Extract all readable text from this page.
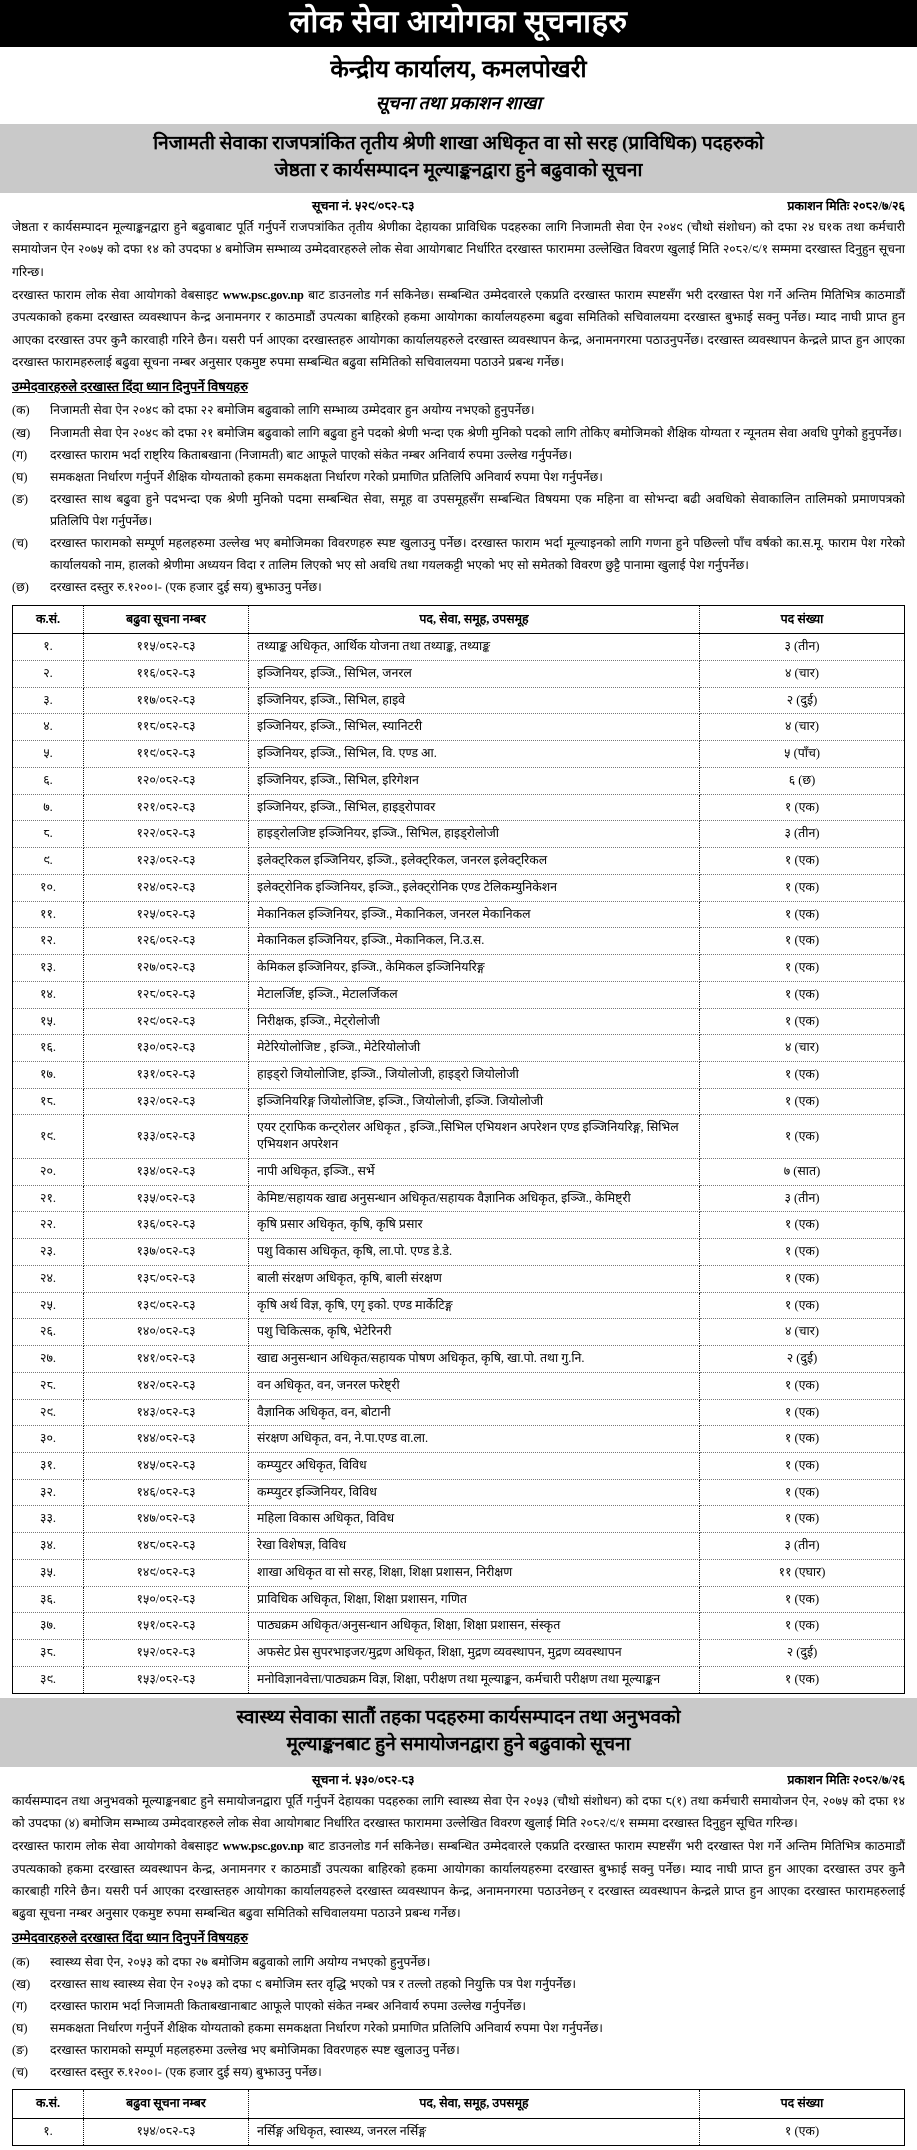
लोक सेवा आयोगका सूचनाहरु
केन्द्रीय कार्यालय, कमलपोखरी
सूचना तथा प्रकाशन शाखा
निजामती सेवाका राजपत्रांकित तृतीय श्रेणी शाखा अधिकृत वा सो सरह (प्राविधिक) पदहरुको
जेष्ठता र कार्यसम्पादन मूल्याङ्कनद्वारा हुने बढुवाको सूचना
सूचना नं. ५२९/०८२-८३	प्रकाशन मितिः २०८२/७/२६

जेष्ठता र कार्यसम्पादन मूल्याङ्कनद्वारा हुने बढुवाबाट पूर्ति गर्नुपर्ने राजपत्रांकित तृतीय श्रेणीका देहायका प्राविधिक पदहरुका लागि निजामती सेवा ऐन २०४९ (चौथो संशोधन) को दफा २४ घ१क तथा कर्मचारी समायोजन ऐन २०७५ को दफा १४ को उपदफा ४ बमोजिम सम्भाव्य उम्मेदवारहरुले लोक सेवा आयोगबाट निर्धारित दरखास्त फाराममा उल्लेखित विवरण खुलाई मिति २०८२/९/१ सम्ममा दरखास्त दिनुहुन सूचना गरिन्छ।

दरखास्त फाराम लोक सेवा आयोगको वेबसाइट www.psc.gov.np बाट डाउनलोड गर्न सकिनेछ। सम्बन्धित उम्मेदवारले एकप्रति दरखास्त फाराम स्पष्टसँग भरी दरखास्त पेश गर्ने अन्तिम मितिभित्र काठमाडौं उपत्यकाको हकमा दरखास्त व्यवस्थापन केन्द्र अनामनगर र काठमाडौं उपत्यका बाहिरको हकमा आयोगका कार्यालयहरुमा बढुवा समितिको सचिवालयमा दरखास्त बुझाई सक्नु पर्नेछ। म्याद नाघी प्राप्त हुन आएका दरखास्त उपर कुनै कारवाही गरिने छैन। यसरी पर्न आएका दरखास्तहरु आयोगका कार्यालयहरुले दरखास्त व्यवस्थापन केन्द्र, अनामनगरमा पठाउनुपर्नेछ। दरखास्त व्यवस्थापन केन्द्रले प्राप्त हुन आएका दरखास्त फारामहरुलाई बढुवा सूचना नम्बर अनुसार एकमुष्ट रुपमा सम्बन्धित बढुवा समितिको सचिवालयमा पठाउने प्रबन्ध गर्नेछ।

उम्मेदवारहरुले दरखास्त दिंदा ध्यान दिनुपर्ने विषयहरु
(क)	निजामती सेवा ऐन २०४९ को दफा २२ बमोजिम बढुवाको लागि सम्भाव्य उम्मेदवार हुन अयोग्य नभएको हुनुपर्नेछ।
(ख)	निजामती सेवा ऐन २०४९ को दफा २१ बमोजिम बढुवाको लागि बढुवा हुने पदको श्रेणी भन्दा एक श्रेणी मुनिको पदको लागि तोकिए बमोजिमको शैक्षिक योग्यता र न्यूनतम सेवा अवधि पुगेको हुनुपर्नेछ।
(ग)	दरखास्त फाराम भर्दा राष्ट्रिय किताबखाना (निजामती) बाट आफूले पाएको संकेत नम्बर अनिवार्य रुपमा उल्लेख गर्नुपर्नेछ।
(घ)	समकक्षता निर्धारण गर्नुपर्ने शैक्षिक योग्यताको हकमा समकक्षता निर्धारण गरेको प्रमाणित प्रतिलिपि अनिवार्य रुपमा पेश गर्नुपर्नेछ।
(ङ)	दरखास्त साथ बढुवा हुने पदभन्दा एक श्रेणी मुनिको पदमा सम्बन्धित सेवा, समूह वा उपसमूहसँग सम्बन्धित विषयमा एक महिना वा सोभन्दा बढी अवधिको सेवाकालिन तालिमको प्रमाणपत्रको प्रतिलिपि पेश गर्नुपर्नेछ।
(च)	दरखास्त फारामको सम्पूर्ण महलहरुमा उल्लेख भए बमोजिमका विवरणहरु स्पष्ट खुलाउनु पर्नेछ। दरखास्त फाराम भर्दा मूल्याइनको लागि गणना हुने पछिल्लो पाँच वर्षको का.स.मू. फाराम पेश गरेको कार्यालयको नाम, हालको श्रेणीमा अध्ययन विदा र तालिम लिएको भए सो अवधि तथा गयलकट्टी भएको भए सो समेतको विवरण छुट्टै पानामा खुलाई पेश गर्नुपर्नेछ।
(छ)	दरखास्त दस्तुर रु.१२००।- (एक हजार दुई सय) बुझाउनु पर्नेछ।
क.सं.	बढुवा सूचना नम्बर	पद, सेवा, समूह, उपसमूह	पद संख्या
१.	११५/०८२-८३	तथ्याङ्क अधिकृत, आर्थिक योजना तथा तथ्याङ्क, तथ्याङ्क	३ (तीन)
२.	११६/०८२-८३	इञ्जिनियर, इञ्जि., सिभिल, जनरल	४ (चार)
३.	११७/०८२-८३	इञ्जिनियर, इञ्जि., सिभिल, हाइवे	२ (दुई)
४.	११८/०८२-८३	इञ्जिनियर, इञ्जि., सिभिल, स्यानिटरी	४ (चार)
५.	११९/०८२-८३	इञ्जिनियर, इञ्जि., सिभिल, वि. एण्ड आ.	५ (पाँच)
६.	१२०/०८२-८३	इञ्जिनियर, इञ्जि., सिभिल, इरिगेशन	६ (छ)
७.	१२१/०८२-८३	इञ्जिनियर, इञ्जि., सिभिल, हाइड्रोपावर	१ (एक)
८.	१२२/०८२-८३	हाइड्रोलजिष्ट इञ्जिनियर, इञ्जि., सिभिल, हाइड्रोलोजी	३ (तीन)
९.	१२३/०८२-८३	इलेक्ट्रिकल इञ्जिनियर, इञ्जि., इलेक्ट्रिकल, जनरल इलेक्ट्रिकल	१ (एक)
१०.	१२४/०८२-८३	इलेक्ट्रोनिक इञ्जिनियर, इञ्जि., इलेक्ट्रोनिक एण्ड टेलिकम्युनिकेशन	१ (एक)
११.	१२५/०८२-८३	मेकानिकल इञ्जिनियर, इञ्जि., मेकानिकल, जनरल मेकानिकल	१ (एक)
१२.	१२६/०८२-८३	मेकानिकल इञ्जिनियर, इञ्जि., मेकानिकल, नि.उ.स.	१ (एक)
१३.	१२७/०८२-८३	केमिकल इञ्जिनियर, इञ्जि., केमिकल इञ्जिनियरिङ्ग	१ (एक)
१४.	१२८/०८२-८३	मेटालर्जिष्ट, इञ्जि., मेटालर्जिकल	१ (एक)
१५.	१२९/०८२-८३	निरीक्षक, इञ्जि., मेट्रोलोजी	१ (एक)
१६.	१३०/०८२-८३	मेटेरियोलोजिष्ट , इञ्जि., मेटेरियोलोजी	४ (चार)
१७.	१३१/०८२-८३	हाइड्रो जियोलोजिष्ट, इञ्जि., जियोलोजी, हाइड्रो जियोलोजी	१ (एक)
१८.	१३२/०८२-८३	इञ्जिनियरिङ्ग जियोलोजिष्ट, इञ्जि., जियोलोजी, इञ्जि. जियोलोजी	१ (एक)
१९.	१३३/०८२-८३	एयर ट्राफिक कन्ट्रोलर अधिकृत , इञ्जि.,सिभिल एभियशन अपरेशन एण्ड इञ्जिनियरिङ्ग, सिभिल एभियशन अपरेशन	१ (एक)
२०.	१३४/०८२-८३	नापी अधिकृत, इञ्जि., सर्भे	७ (सात)
२१.	१३५/०८२-८३	केमिष्ट/सहायक खाद्य अनुसन्धान अधिकृत/सहायक वैज्ञानिक अधिकृत, इञ्जि., केमिष्ट्री	३ (तीन)
२२.	१३६/०८२-८३	कृषि प्रसार अधिकृत, कृषि, कृषि प्रसार	१ (एक)
२३.	१३७/०८२-८३	पशु विकास अधिकृत, कृषि, ला.पो. एण्ड डे.डे.	१ (एक)
२४.	१३८/०८२-८३	बाली संरक्षण अधिकृत, कृषि, बाली संरक्षण	१ (एक)
२५.	१३९/०८२-८३	कृषि अर्थ विज्ञ, कृषि, एगृ इको. एण्ड मार्केटिङ्ग	१ (एक)
२६.	१४०/०८२-८३	पशु चिकित्सक, कृषि, भेटेरिनरी	४ (चार)
२७.	१४१/०८२-८३	खाद्य अनुसन्धान अधिकृत/सहायक पोषण अधिकृत, कृषि, खा.पो. तथा गु.नि.	२ (दुई)
२८.	१४२/०८२-८३	वन अधिकृत, वन, जनरल फरेष्ट्री	१ (एक)
२९.	१४३/०८२-८३	वैज्ञानिक अधिकृत, वन, बोटानी	१ (एक)
३०.	१४४/०८२-८३	संरक्षण अधिकृत, वन, ने.पा.एण्ड वा.ला.	१ (एक)
३१.	१४५/०८२-८३	कम्प्युटर अधिकृत, विविध	१ (एक)
३२.	१४६/०८२-८३	कम्प्युटर इञ्जिनियर, विविध	१ (एक)
३३.	१४७/०८२-८३	महिला विकास अधिकृत, विविध	१ (एक)
३४.	१४८/०८२-८३	रेखा विशेषज्ञ, विविध	३ (तीन)
३५.	१४९/०८२-८३	शाखा अधिकृत वा सो सरह, शिक्षा, शिक्षा प्रशासन, निरीक्षण	११ (एघार)
३६.	१५०/०८२-८३	प्राविधिक अधिकृत, शिक्षा, शिक्षा प्रशासन, गणित	१ (एक)
३७.	१५१/०८२-८३	पाठ्यक्रम अधिकृत/अनुसन्धान अधिकृत, शिक्षा, शिक्षा प्रशासन, संस्कृत	१ (एक)
३८.	१५२/०८२-८३	अफसेट प्रेस सुपरभाइजर/मुद्रण अधिकृत, शिक्षा, मुद्रण व्यवस्थापन, मुद्रण व्यवस्थापन	२ (दुई)
३९.	१५३/०८२-८३	मनोविज्ञानवेत्ता/पाठ्यक्रम विज्ञ, शिक्षा, परीक्षण तथा मूल्याङ्कन, कर्मचारी परीक्षण तथा मूल्याङ्कन	१ (एक)
स्वास्थ्य सेवाका सातौं तहका पदहरुमा कार्यसम्पादन तथा अनुभवको
मूल्याङ्कनबाट हुने समायोजनद्वारा हुने बढुवाको सूचना
सूचना नं. ५३०/०८२-८३	प्रकाशन मितिः २०८२/७/२६

कार्यसम्पादन तथा अनुभवको मूल्याङ्कनबाट हुने समायोजनद्वारा पूर्ति गर्नुपर्ने देहायका पदहरुका लागि स्वास्थ्य सेवा ऐन २०५३ (चौथो संशोधन) को दफा ८(१) तथा कर्मचारी समायोजन ऐन, २०७५ को दफा १४ को उपदफा (४) बमोजिम सम्भाव्य उम्मेदवारहरुले लोक सेवा आयोगबाट निर्धारित दरखास्त फाराममा उल्लेखित विवरण खुलाई मिति २०८२/९/१ सम्ममा दरखास्त दिनुहुन सूचित गरिन्छ।

दरखास्त फाराम लोक सेवा आयोगको वेबसाइट www.psc.gov.np बाट डाउनलोड गर्न सकिनेछ। सम्बन्धित उम्मेदवारले एकप्रति दरखास्त फाराम स्पष्टसँग भरी दरखास्त पेश गर्ने अन्तिम मितिभित्र काठमाडौं उपत्यकाको हकमा दरखास्त व्यवस्थापन केन्द्र, अनामनगर र काठमाडौं उपत्यका बाहिरको हकमा आयोगका कार्यालयहरुमा दरखास्त बुझाई सक्नु पर्नेछ। म्याद नाघी प्राप्त हुन आएका दरखास्त उपर कुनै कारबाही गरिने छैन। यसरी पर्न आएका दरखास्तहरु आयोगका कार्यालयहरुले दरखास्त व्यवस्थापन केन्द्र, अनामनगरमा पठाउनेछन् र दरखास्त व्यवस्थापन केन्द्रले प्राप्त हुन आएका दरखास्त फारामहरुलाई बढुवा सूचना नम्बर अनुसार एकमुष्ट रुपमा सम्बन्धित बढुवा समितिको सचिवालयमा पठाउने प्रबन्ध गर्नेछ।

उम्मेदवारहरुले दरखास्त दिंदा ध्यान दिनुपर्ने विषयहरु
(क)	स्वास्थ्य सेवा ऐन, २०५३ को दफा २७ बमोजिम बढुवाको लागि अयोग्य नभएको हुनुपर्नेछ।
(ख)	दरखास्त साथ स्वास्थ्य सेवा ऐन २०५३ को दफा ९ बमोजिम स्तर वृद्धि भएको पत्र र तल्लो तहको नियुक्ति पत्र पेश गर्नुपर्नेछ।
(ग)	दरखास्त फाराम भर्दा निजामती किताबखानाबाट आफूले पाएको संकेत नम्बर अनिवार्य रुपमा उल्लेख गर्नुपर्नेछ।
(घ)	समकक्षता निर्धारण गर्नुपर्ने शैक्षिक योग्यताको हकमा समकक्षता निर्धारण गरेको प्रमाणित प्रतिलिपि अनिवार्य रुपमा पेश गर्नुपर्नेछ।
(ङ)	दरखास्त फारामको सम्पूर्ण महलहरुमा उल्लेख भए बमोजिमका विवरणहरु स्पष्ट खुलाउनु पर्नेछ।
(च)	दरखास्त दस्तुर रु.१२००।- (एक हजार दुई सय) बुझाउनु पर्नेछ।
क.सं.	बढुवा सूचना नम्बर	पद, सेवा, समूह, उपसमूह	पद संख्या
१.	१५४/०८२-८३	नर्सिङ्ग अधिकृत, स्वास्थ्य, जनरल नर्सिङ्ग	१ (एक)
